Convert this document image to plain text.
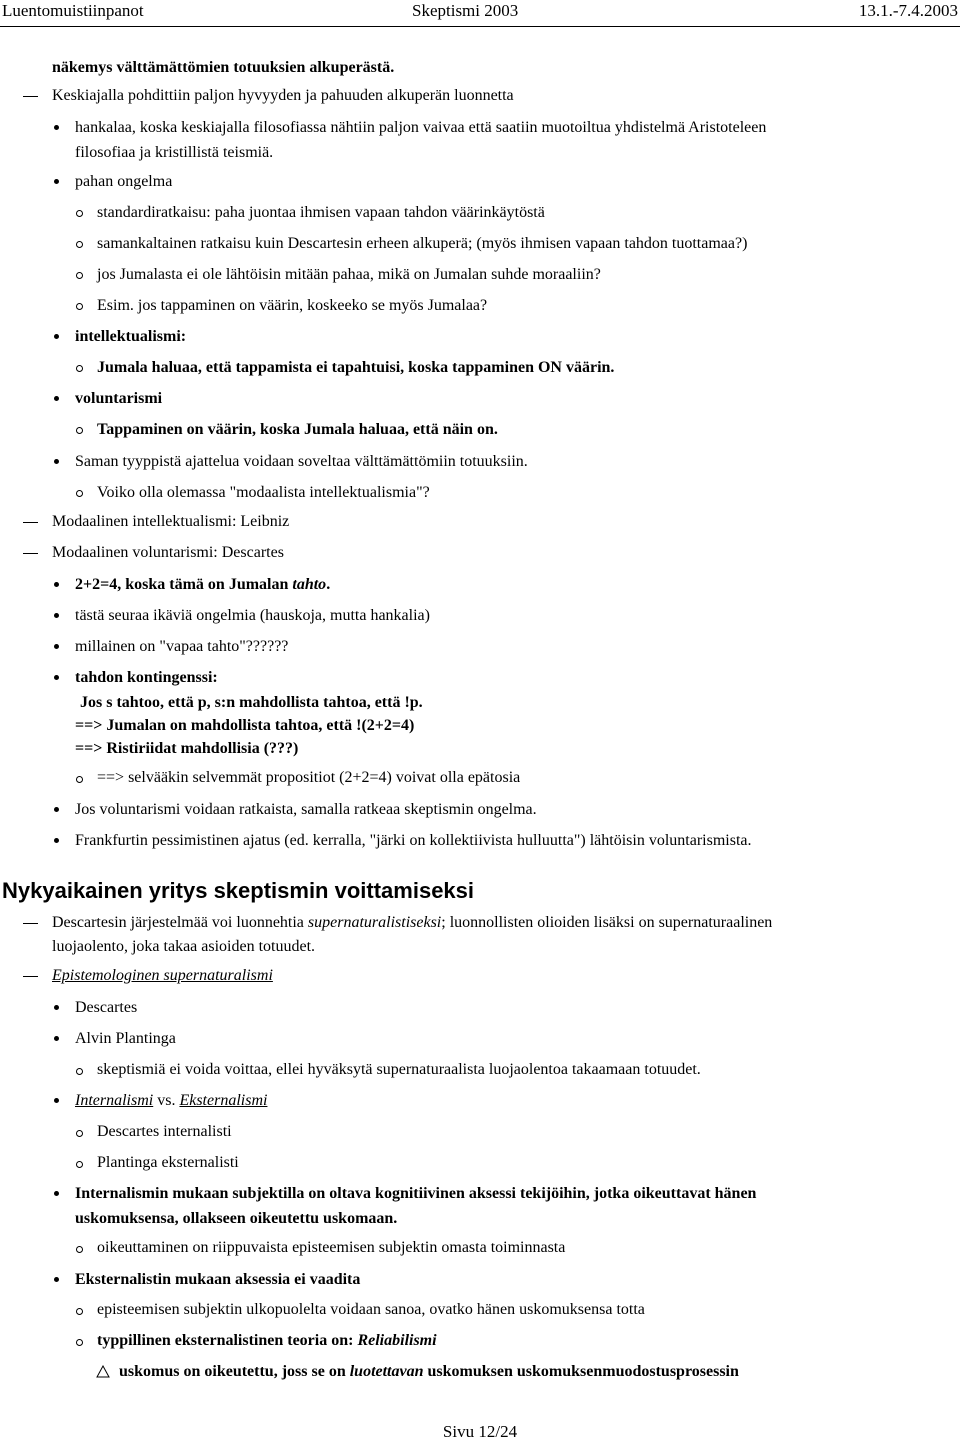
Luentomuistiinpanot	Skeptismi 2003	13.1.-7.4.2003
näkemys välttämättömien totuuksien alkuperästä.
Keskiajalla pohdittiin paljon hyvyyden ja pahuuden alkuperän luonnetta
hankalaa, koska keskiajalla filosofiassa nähtiin paljon vaivaa että saatiin muotoiltua yhdistelmä Aristoteleen
filosofiaa ja kristillistä teismiä.
pahan ongelma
standardiratkaisu: paha juontaa ihmisen vapaan tahdon väärinkäytöstä
samankaltainen ratkaisu kuin Descartesin erheen alkuperä; (myös ihmisen vapaan tahdon tuottamaa?)
jos Jumalasta ei ole lähtöisin mitään pahaa, mikä on Jumalan suhde moraaliin?
Esim. jos tappaminen on väärin, koskeeko se myös Jumalaa?
intellektualismi:
Jumala haluaa, että tappamista ei tapahtuisi, koska tappaminen ON väärin.
voluntarismi
Tappaminen on väärin, koska Jumala haluaa, että näin on.
Saman tyyppistä ajattelua voidaan soveltaa välttämättömiin totuuksiin.
Voiko olla olemassa "modaalista intellektualismia"?
Modaalinen intellektualismi: Leibniz
Modaalinen voluntarismi: Descartes
2+2=4, koska tämä on Jumalan tahto.
tästä seuraa ikäviä ongelmia (hauskoja, mutta hankalia)
millainen on "vapaa tahto"??????
tahdon kontingenssi:
Jos s tahtoo, että p, s:n mahdollista tahtoa, että !p.
==> Jumalan on mahdollista tahtoa, että !(2+2=4)
==> Ristiriidat mahdollisia (???)
==> selvääkin selvemmät propositiot (2+2=4) voivat olla epätosia
Jos voluntarismi voidaan ratkaista, samalla ratkeaa skeptismin ongelma.
Frankfurtin pessimistinen ajatus (ed. kerralla, "järki on kollektiivista hulluutta") lähtöisin voluntarismista.
Nykyaikainen yritys skeptismin voittamiseksi
Descartesin järjestelmää voi luonnehtia supernaturalistiseksi; luonnollisten olioiden lisäksi on supernaturaalinen
luojaolento, joka takaa asioiden totuudet.
Epistemologinen supernaturalismi
Descartes
Alvin Plantinga
skeptismiä ei voida voittaa, ellei hyväksytä supernaturaalista luojaolentoa takaamaan totuudet.
Internalismi vs. Eksternalismi
Descartes internalisti
Plantinga eksternalisti
Internalismin mukaan subjektilla on oltava kognitiivinen aksessi tekijöihin, jotka oikeuttavat hänen
uskomuksensa, ollakseen oikeutettu uskomaan.
oikeuttaminen on riippuvaista episteemisen subjektin omasta toiminnasta
Eksternalistin mukaan aksessia ei vaadita
episteemisen subjektin ulkopuolelta voidaan sanoa, ovatko hänen uskomuksensa totta
typpillinen eksternalistinen teoria on: Reliabilismi
uskomus on oikeutettu, joss se on luotettavan uskomuksen uskomuksenmuodostusprosessin
Sivu 12/24
